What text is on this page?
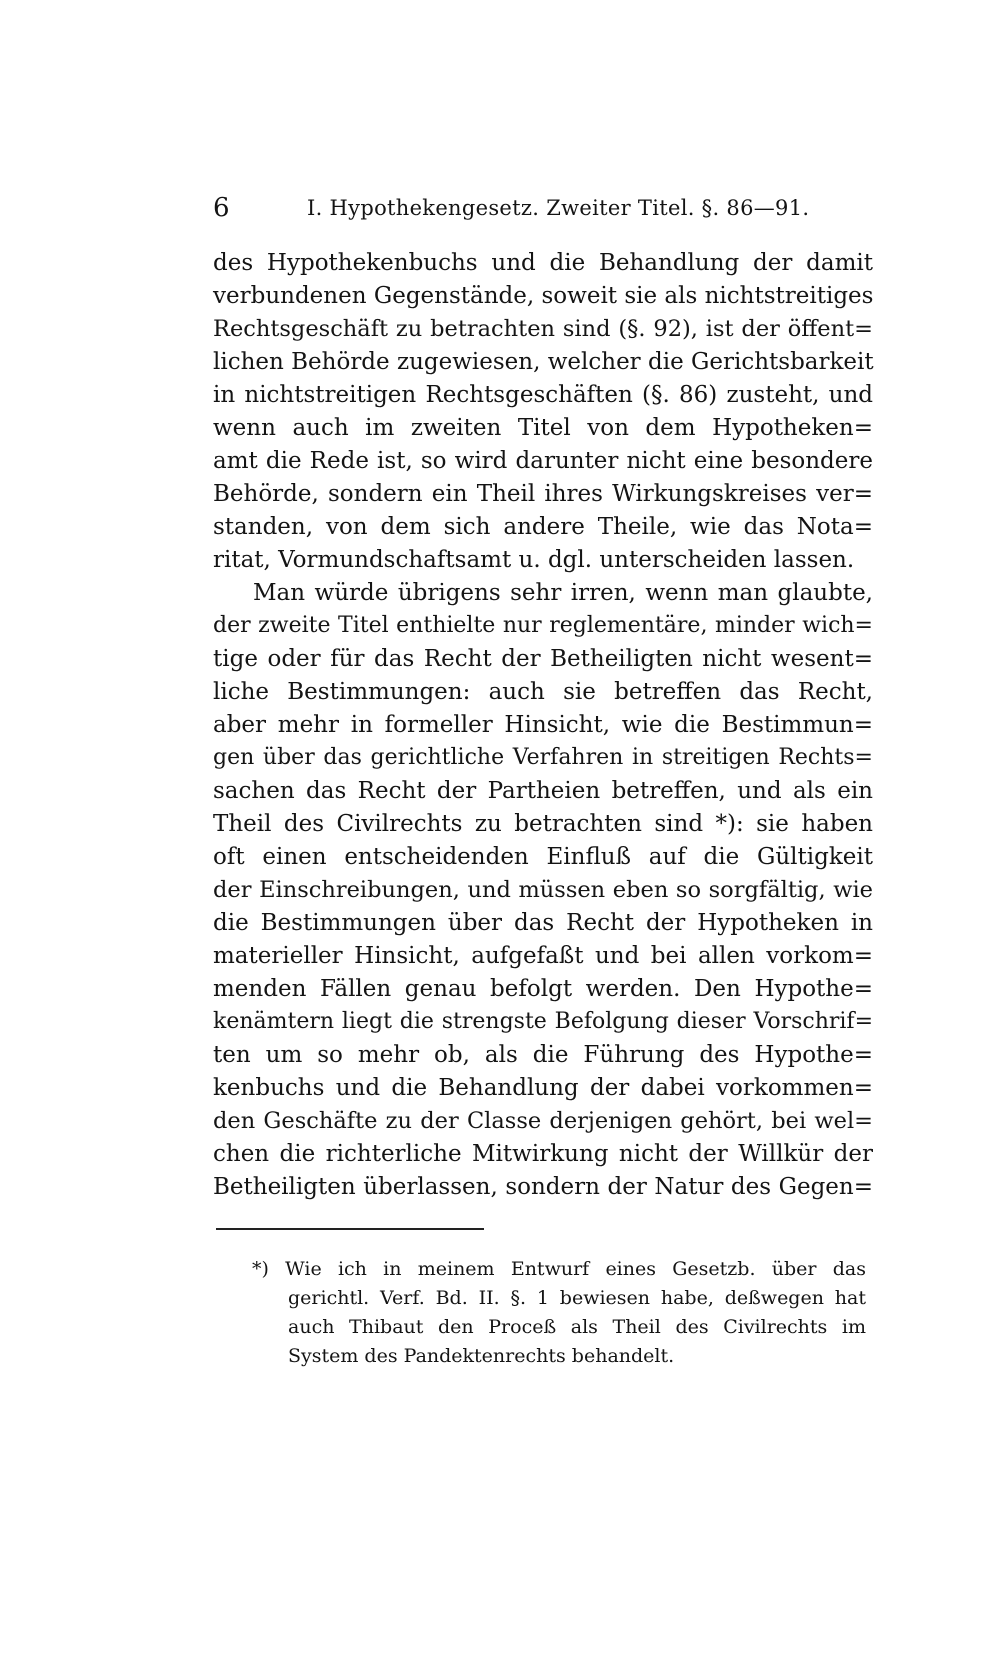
6	I. Hypothekengesetz. Zweiter Titel. §. 86—91.
des Hypothekenbuchs und die Behandlung der damit
verbundenen Gegenstände, soweit sie als nichtstreitiges
Rechtsgeschäft zu betrachten sind (§. 92), ist der öffent=
lichen Behörde zugewiesen, welcher die Gerichtsbarkeit
in nichtstreitigen Rechtsgeschäften (§. 86) zusteht, und
wenn auch im zweiten Titel von dem Hypotheken=
amt die Rede ist, so wird darunter nicht eine besondere
Behörde, sondern ein Theil ihres Wirkungskreises ver=
standen, von dem sich andere Theile, wie das Nota=
ritat, Vormundschaftsamt u. dgl. unterscheiden lassen.
Man würde übrigens sehr irren, wenn man glaubte,
der zweite Titel enthielte nur reglementäre, minder wich=
tige oder für das Recht der Betheiligten nicht wesent=
liche Bestimmungen: auch sie betreffen das Recht,
aber mehr in formeller Hinsicht, wie die Bestimmun=
gen über das gerichtliche Verfahren in streitigen Rechts=
sachen das Recht der Partheien betreffen, und als ein
Theil des Civilrechts zu betrachten sind *): sie haben
oft einen entscheidenden Einfluß auf die Gültigkeit
der Einschreibungen, und müssen eben so sorgfältig, wie
die Bestimmungen über das Recht der Hypotheken in
materieller Hinsicht, aufgefaßt und bei allen vorkom=
menden Fällen genau befolgt werden. Den Hypothe=
kenämtern liegt die strengste Befolgung dieser Vorschrif=
ten um so mehr ob, als die Führung des Hypothe=
kenbuchs und die Behandlung der dabei vorkommen=
den Geschäfte zu der Classe derjenigen gehört, bei wel=
chen die richterliche Mitwirkung nicht der Willkür der
Betheiligten überlassen, sondern der Natur des Gegen=
*) Wie ich in meinem Entwurf eines Gesetzb. über das
gerichtl. Verf. Bd. II. §. 1 bewiesen habe, deßwegen hat
auch Thibaut den Proceß als Theil des Civilrechts im
System des Pandektenrechts behandelt.
